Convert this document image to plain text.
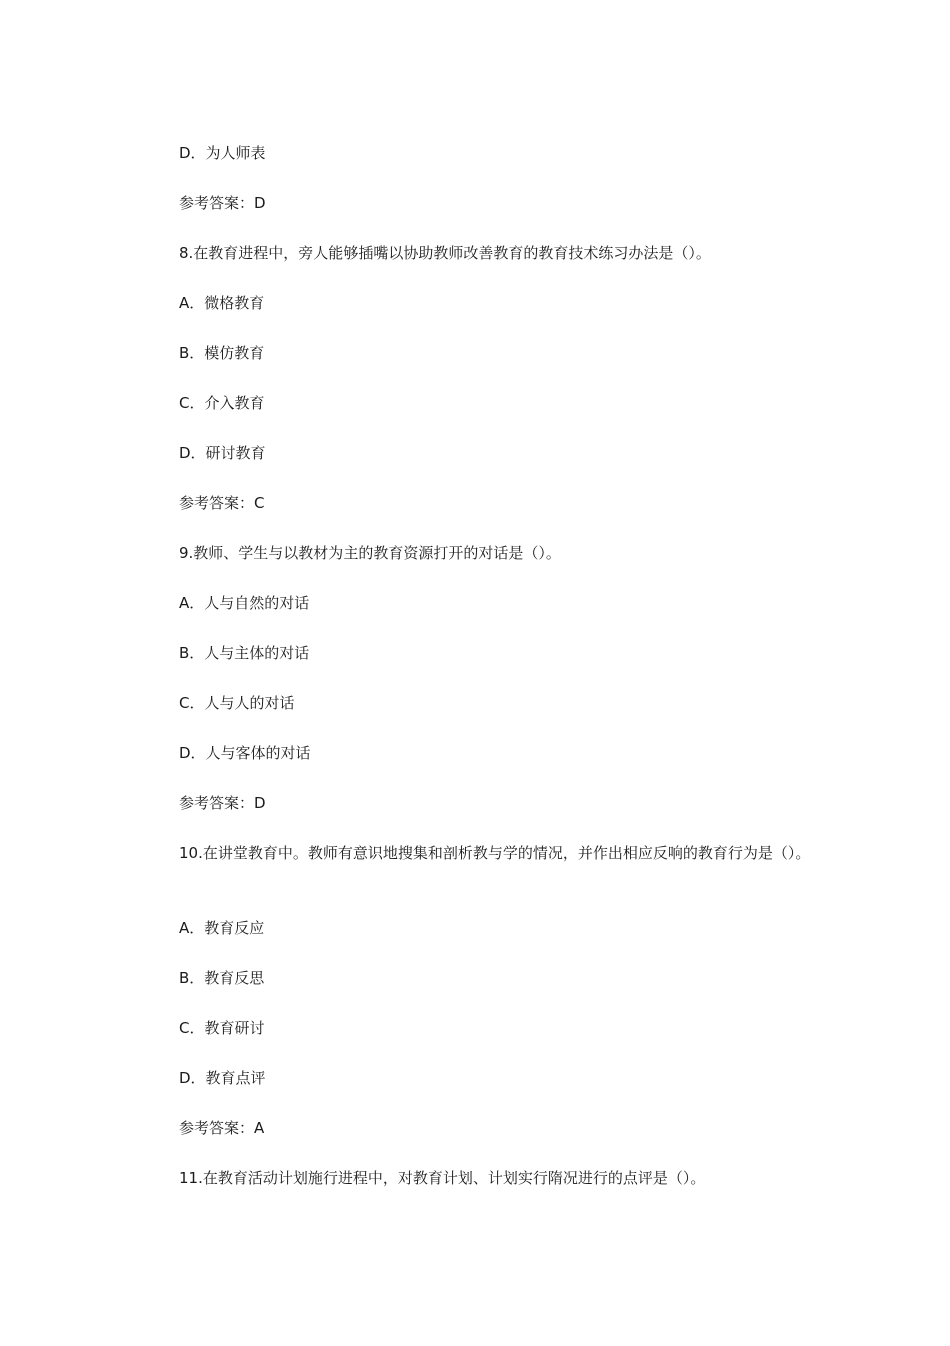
D．为人师表
参考答案：D
8.在教育进程中，旁人能够插嘴以协助教师改善教育的教育技术练习办法是（）。
A．微格教育
B．模仿教育
C．介入教育
D．研讨教育
参考答案：C
9.教师、学生与以教材为主的教育资源打开的对话是（）。
A．人与自然的对话
B．人与主体的对话
C．人与人的对话
D．人与客体的对话
参考答案：D
10.在讲堂教育中。教师有意识地搜集和剖析教与学的情况，并作出相应反响的教育行为是（）。
A．教育反应
B．教育反思
C．教育研讨
D．教育点评
参考答案：A
11.在教育活动计划施行进程中，对教育计划、计划实行隋况进行的点评是（）。
